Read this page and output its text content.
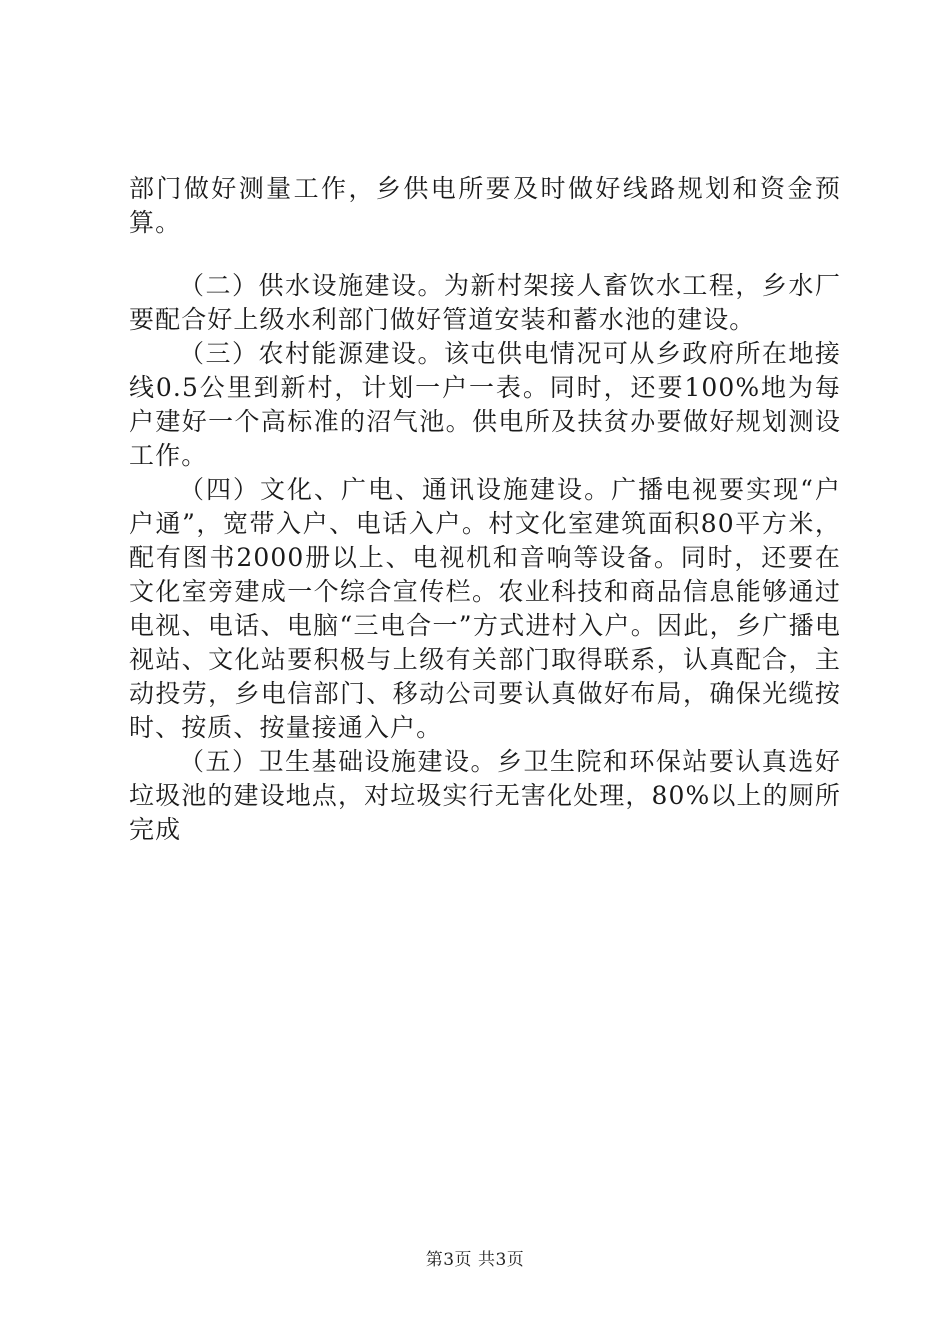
部门做好测量工作，乡供电所要及时做好线路规划和资金预算。

（二）供水设施建设。为新村架接人畜饮水工程，乡水厂要配合好上级水利部门做好管道安装和蓄水池的建设。

（三）农村能源建设。该屯供电情况可从乡政府所在地接线0.5公里到新村，计划一户一表。同时，还要100%地为每户建好一个高标准的沼气池。供电所及扶贫办要做好规划测设工作。

（四）文化、广电、通讯设施建设。广播电视要实现“户户通”，宽带入户、电话入户。村文化室建筑面积80平方米，配有图书2000册以上、电视机和音响等设备。同时，还要在文化室旁建成一个综合宣传栏。农业科技和商品信息能够通过电视、电话、电脑“三电合一”方式进村入户。因此，乡广播电视站、文化站要积极与上级有关部门取得联系，认真配合，主动投劳，乡电信部门、移动公司要认真做好布局，确保光缆按时、按质、按量接通入户。

（五）卫生基础设施建设。乡卫生院和环保站要认真选好垃圾池的建设地点，对垃圾实行无害化处理，80%以上的厕所完成

第3页 共3页
